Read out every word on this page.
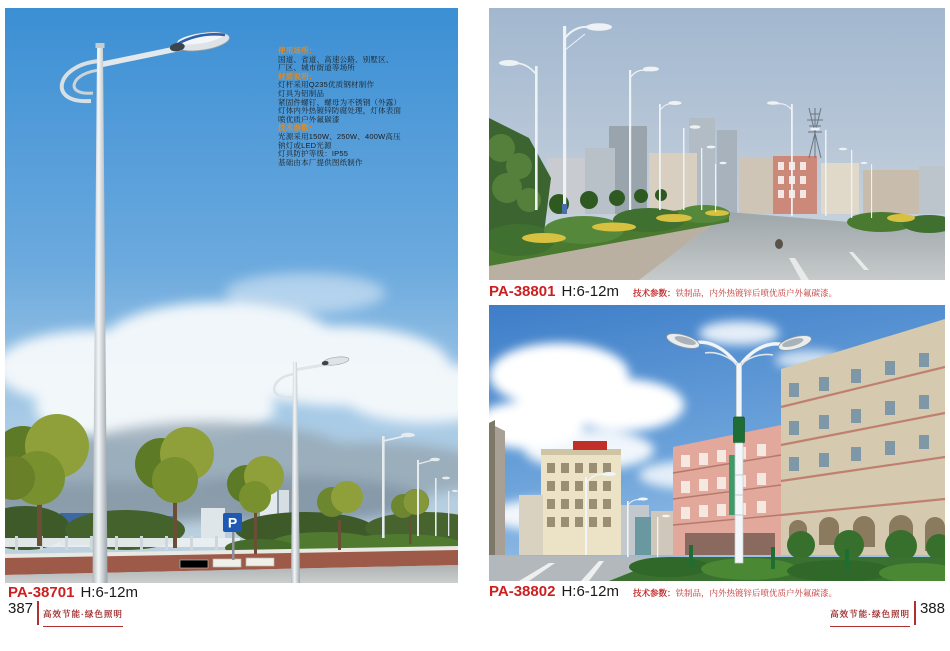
P
使用场所：
国道、省道、高速公路、别墅区、
厂区、城市街道等场所
材质说明：
灯杆采用Q235优质钢材制作
灯具为铝制品
紧固件螺钉、螺母为不锈钢（外露）
灯体内外热镀锌防腐处理，灯体表面
喷优质户外氟碳漆
技术参数：
光源采用150W、250W、400W高压
钠灯或LED光源
灯具防护等级：IP55
基础由本厂提供图纸制作
PA-38701 H:6-12m
PA-38801 H:6-12m 技术参数：铁制品，内外热镀锌后喷优质户外氟碳漆。
PA-38802 H:6-12m 技术参数：铁制品，内外热镀锌后喷优质户外氟碳漆。
387 高效节能·绿色照明	高效节能·绿色照明 388
